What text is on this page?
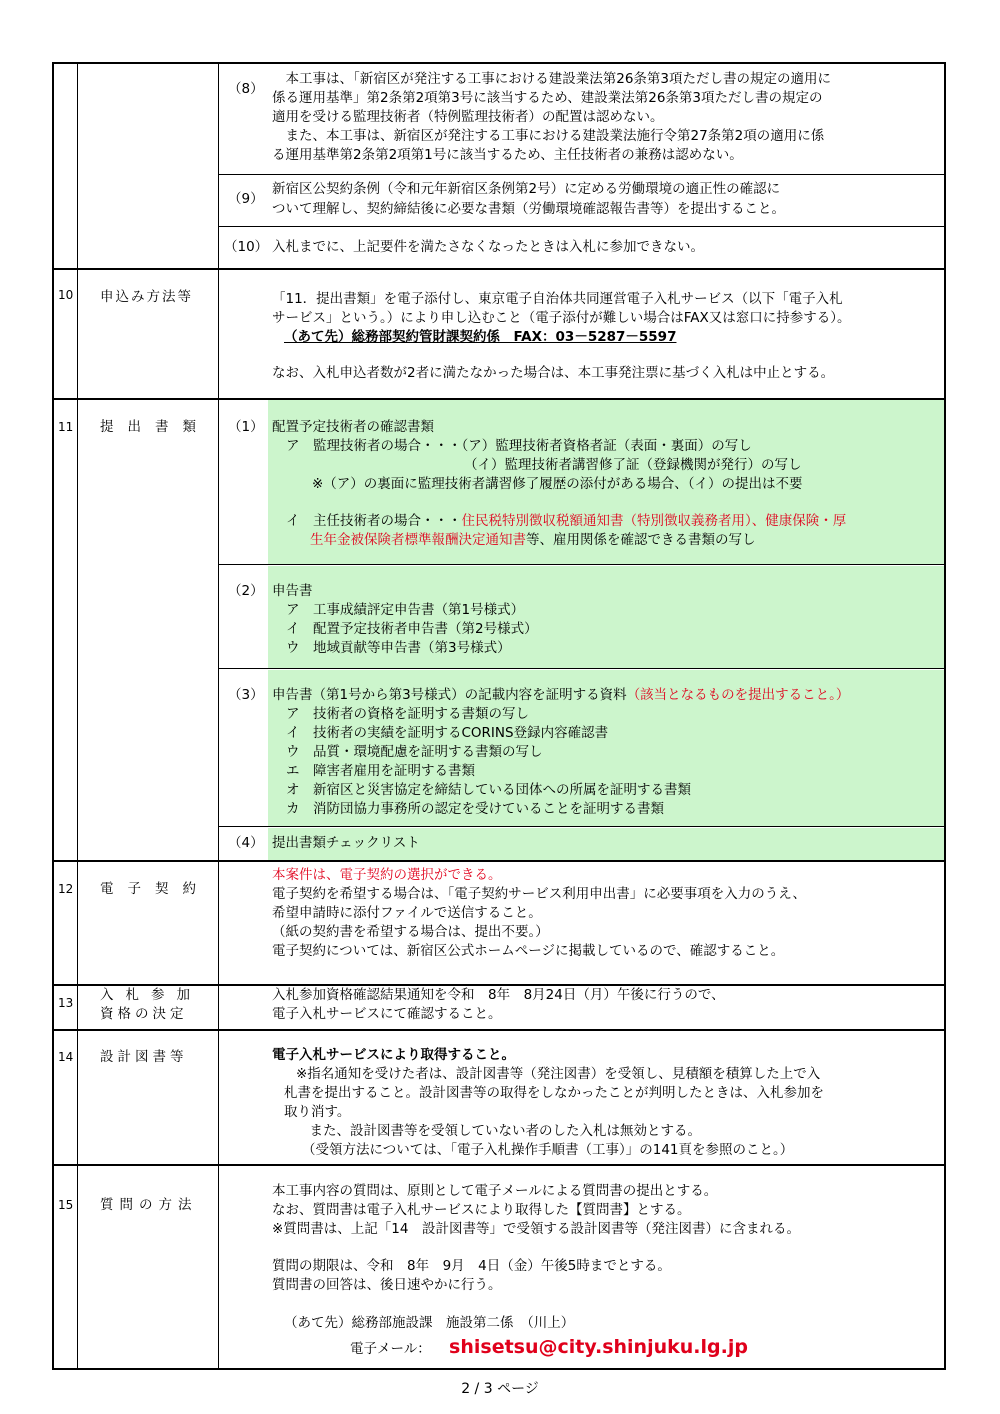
（8）
　本工事は、「新宿区が発注する工事における建設業法第26条第3項ただし書の規定の適用に
係る運用基準」第2条第2項第3号に該当するため、建設業法第26条第3項ただし書の規定の
適用を受ける監理技術者（特例監理技術者）の配置は認めない。
　また、本工事は、新宿区が発注する工事における建設業法施行令第27条第2項の適用に係
る運用基準第2条第2項第1号に該当するため、主任技術者の兼務は認めない。
（9）
新宿区公契約条例（令和元年新宿区条例第2号）に定める労働環境の適正性の確認に
ついて理解し、契約締結後に必要な書類（労働環境確認報告書等）を提出すること。
（10） 入札までに、上記要件を満たさなくなったときは入札に参加できない。
10 申込み方法等	「11．提出書類」を電子添付し、東京電子自治体共同運営電子入札サービス（以下「電子入札
サービス」という。）により申し込むこと（電子添付が難しい場合はFAX又は窓口に持参する）。
（あて先）総務部契約管財課契約係　FAX：03－5287－5597
なお、入札申込者数が2者に満たなかった場合は、本工事発注票に基づく入札は中止とする。
11 提出書類 （1） 配置予定技術者の確認書類
ア　監理技術者の場合・・・（ア）監理技術者資格者証（表面・裏面）の写し
（イ）監理技術者講習修了証（登録機関が発行）の写し
※（ア）の裏面に監理技術者講習修了履歴の添付がある場合、（イ）の提出は不要
イ　主任技術者の場合・・・住民税特別徴収税額通知書（特別徴収義務者用）、健康保険・厚
生年金被保険者標準報酬決定通知書等、雇用関係を確認できる書類の写し
（2） 申告書
ア　工事成績評定申告書（第1号様式）
イ　配置予定技術者申告書（第2号様式）
ウ　地域貢献等申告書（第3号様式）
（3） 申告書（第1号から第3号様式）の記載内容を証明する資料（該当となるものを提出すること。）
ア　技術者の資格を証明する書類の写し
イ　技術者の実績を証明するCORINS登録内容確認書
ウ　品質・環境配慮を証明する書類の写し
エ　障害者雇用を証明する書類
オ　新宿区と災害協定を締結している団体への所属を証明する書類
カ　消防団協力事務所の認定を受けていることを証明する書類
（4） 提出書類チェックリスト
12 電子契約
本案件は、電子契約の選択ができる。
電子契約を希望する場合は、「電子契約サービス利用申出書」に必要事項を入力のうえ、
希望申請時に添付ファイルで送信すること。
（紙の契約書を希望する場合は、提出不要。）
電子契約については、新宿区公式ホームページに掲載しているので、確認すること。
13 入札参加
資格の決定
入札参加資格確認結果通知を令和　8年　8月24日（月）午後に行うので、
電子入札サービスにて確認すること。
14 設計図書等	電子入札サービスにより取得すること。
※指名通知を受けた者は、設計図書等（発注図書）を受領し、見積額を積算した上で入
札書を提出すること。設計図書等の取得をしなかったことが判明したときは、入札参加を
取り消す。
　また、設計図書等を受領していない者のした入札は無効とする。
（受領方法については、「電子入札操作手順書（工事）」の141頁を参照のこと。）
15 質問の方法
本工事内容の質問は、原則として電子メールによる質問書の提出とする。
なお、質問書は電子入札サービスにより取得した【質問書】とする。
※質問書は、上記「14　設計図書等」で受領する設計図書等（発注図書）に含まれる。
質問の期限は、令和　8年　9月　4日（金）午後5時までとする。
質問書の回答は、後日速やかに行う。
（あて先）総務部施設課　施設第二係　（川上）
電子メール： shisetsu@city.shinjuku.lg.jp
2 / 3 ページ
